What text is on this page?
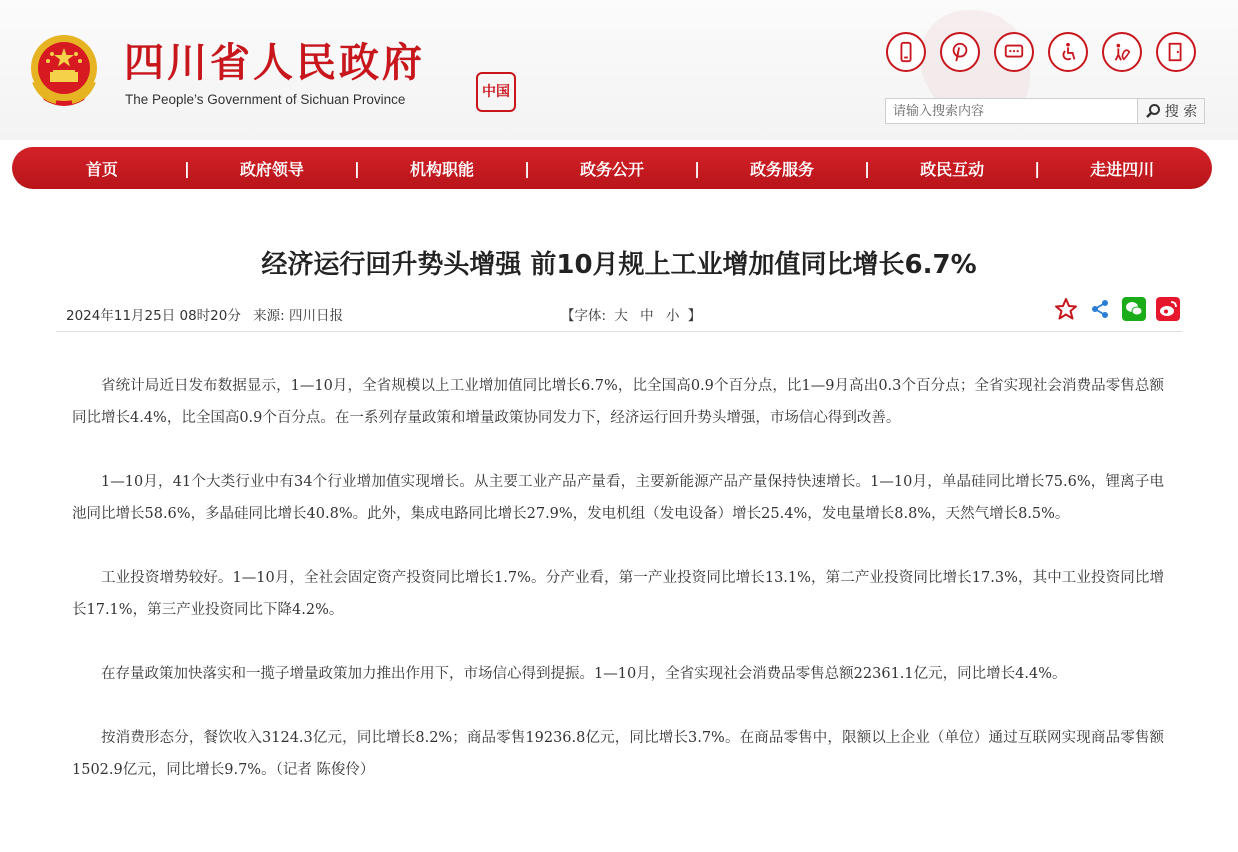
四川省人民政府
The People’s Government of Sichuan Province	中国
请输入搜索内容
搜 索
首页	|	政府领导	|	机构职能	|	政务公开	|	政务服务	|	政民互动	|	走进四川
经济运行回升势头增强 前10月规上工业增加值同比增长6.7%
2024年11月25日 08时20分 来源: 四川日报	【字体: 大 中 小 】

省统计局近日发布数据显示，1—10月，全省规模以上工业增加值同比增长6.7%，比全国高0.9个百分点，比1—9月高出0.3个百分点；全省实现社会消费品零售总额同比增长4.4%，比全国高0.9个百分点。在一系列存量政策和增量政策协同发力下，经济运行回升势头增强，市场信心得到改善。

1—10月，41个大类行业中有34个行业增加值实现增长。从主要工业产品产量看，主要新能源产品产量保持快速增长。1—10月，单晶硅同比增长75.6%，锂离子电池同比增长58.6%，多晶硅同比增长40.8%。此外，集成电路同比增长27.9%，发电机组（发电设备）增长25.4%，发电量增长8.8%，天然气增长8.5%。

工业投资增势较好。1—10月，全社会固定资产投资同比增长1.7%。分产业看，第一产业投资同比增长13.1%，第二产业投资同比增长17.3%，其中工业投资同比增长17.1%，第三产业投资同比下降4.2%。

在存量政策加快落实和一揽子增量政策加力推出作用下，市场信心得到提振。1—10月，全省实现社会消费品零售总额22361.1亿元，同比增长4.4%。

按消费形态分，餐饮收入3124.3亿元，同比增长8.2%；商品零售19236.8亿元，同比增长3.7%。在商品零售中，限额以上企业（单位）通过互联网实现商品零售额1502.9亿元，同比增长9.7%。（记者 陈俊伶）
